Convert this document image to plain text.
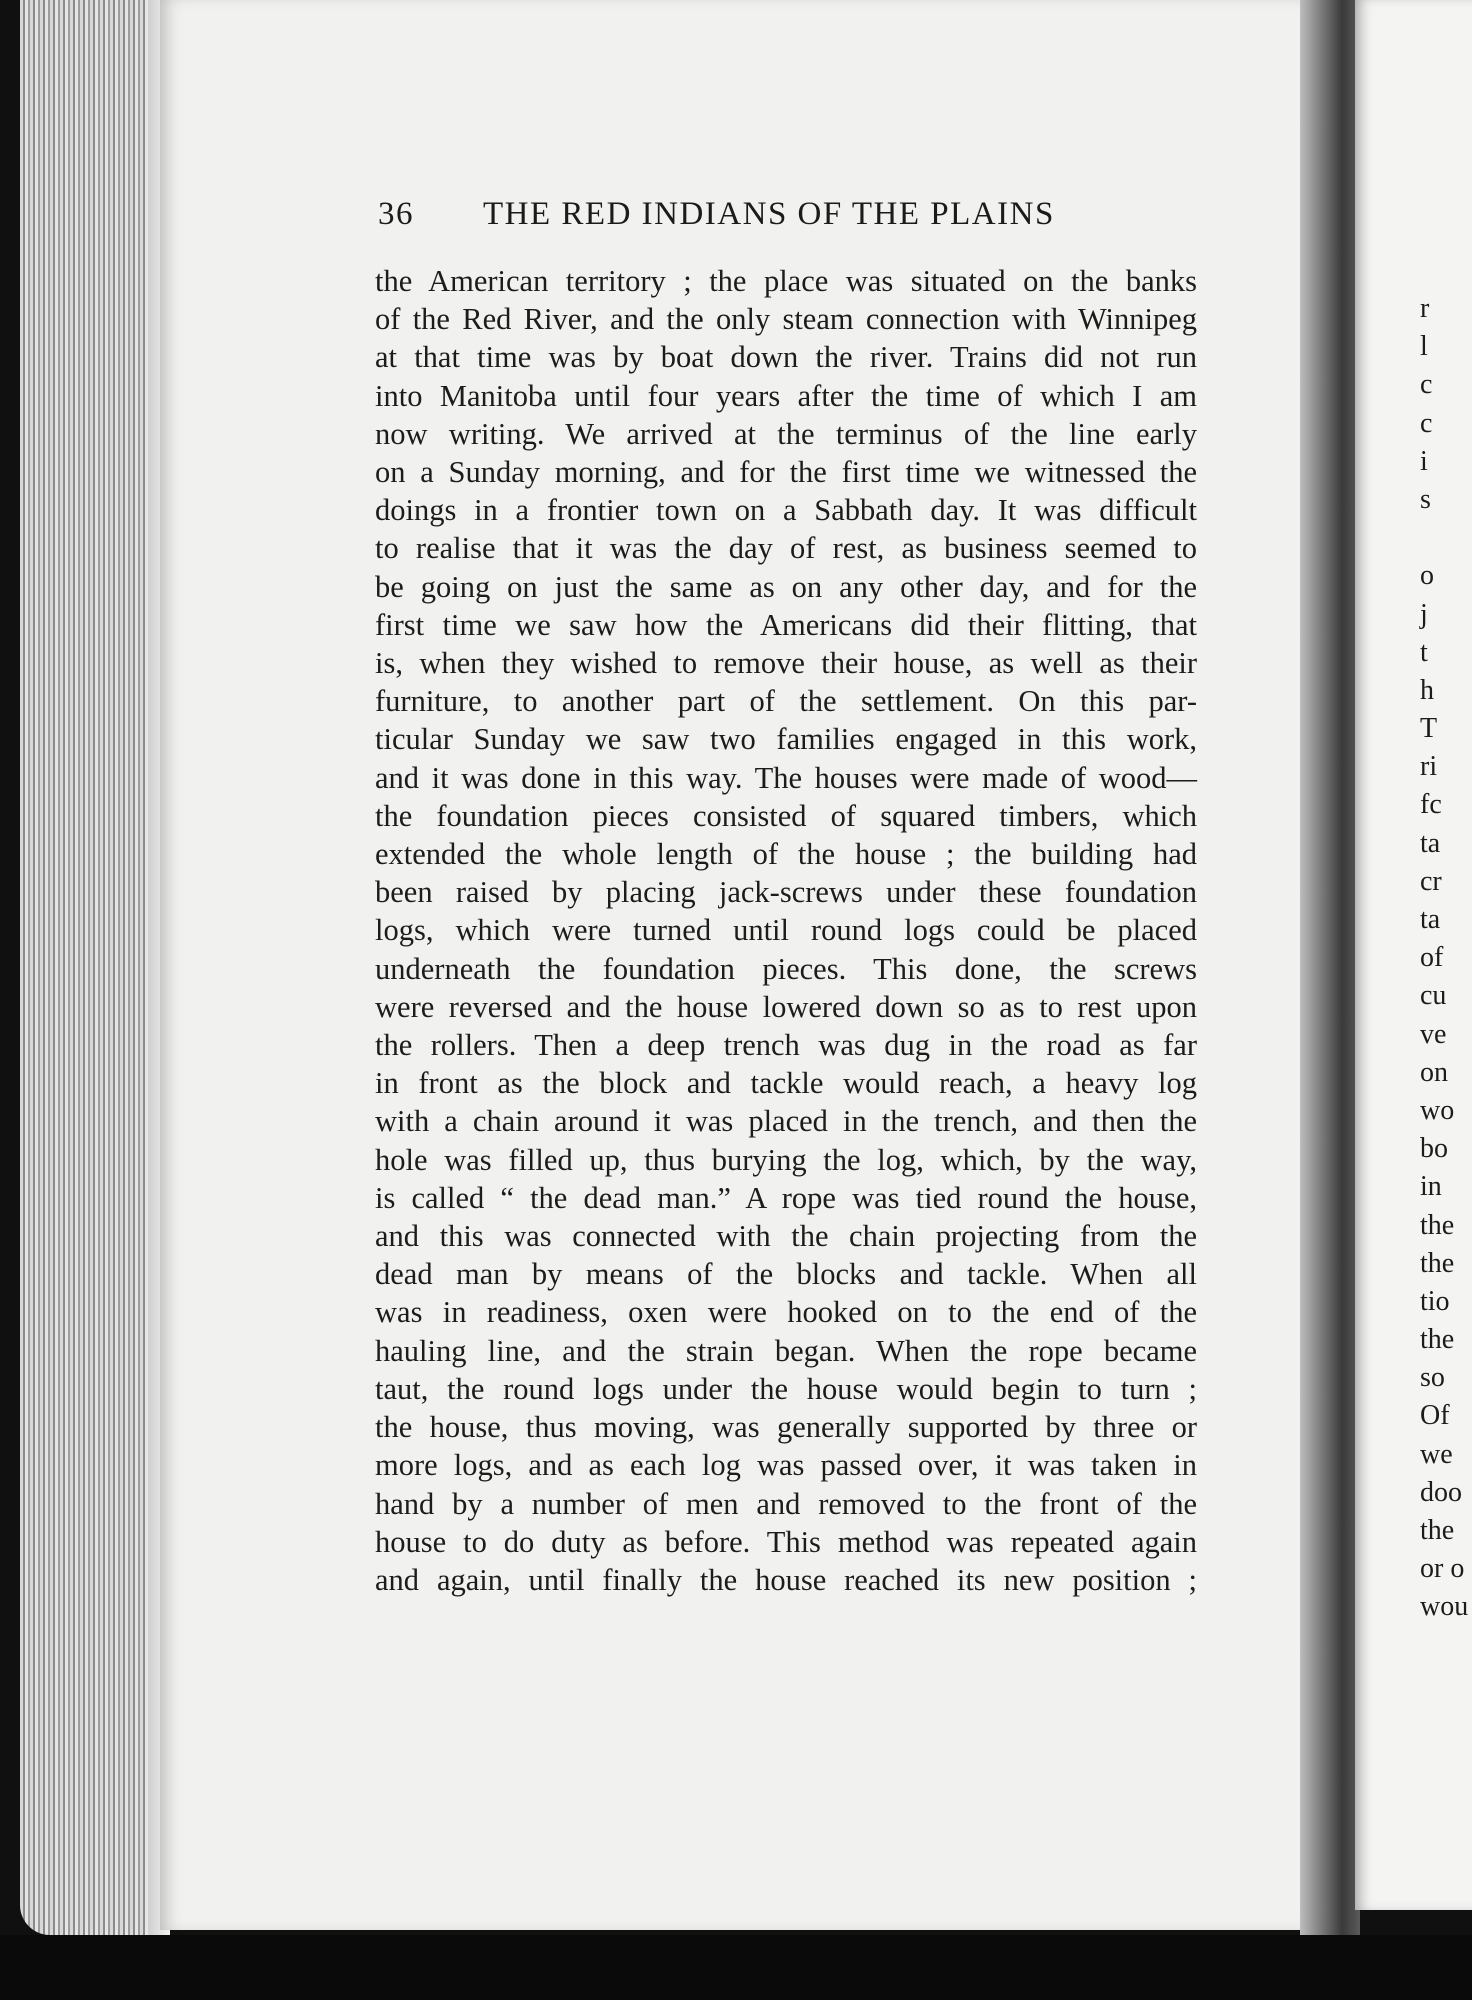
36 THE RED INDIANS OF THE PLAINS
the American territory ; the place was situated on the banks
of the Red River, and the only steam connection with Winnipeg
at that time was by boat down the river. Trains did not run
into Manitoba until four years after the time of which I am
now writing. We arrived at the terminus of the line early
on a Sunday morning, and for the first time we witnessed the
doings in a frontier town on a Sabbath day. It was difficult
to realise that it was the day of rest, as business seemed to
be going on just the same as on any other day, and for the
first time we saw how the Americans did their flitting, that
is, when they wished to remove their house, as well as their
furniture, to another part of the settlement. On this par-
ticular Sunday we saw two families engaged in this work,
and it was done in this way. The houses were made of wood—
the foundation pieces consisted of squared timbers, which
extended the whole length of the house ; the building had
been raised by placing jack-screws under these foundation
logs, which were turned until round logs could be placed
underneath the foundation pieces. This done, the screws
were reversed and the house lowered down so as to rest upon
the rollers. Then a deep trench was dug in the road as far
in front as the block and tackle would reach, a heavy log
with a chain around it was placed in the trench, and then the
hole was filled up, thus burying the log, which, by the way,
is called “ the dead man.” A rope was tied round the house,
and this was connected with the chain projecting from the
dead man by means of the blocks and tackle. When all
was in readiness, oxen were hooked on to the end of the
hauling line, and the strain began. When the rope became
taut, the round logs under the house would begin to turn ;
the house, thus moving, was generally supported by three or
more logs, and as each log was passed over, it was taken in
hand by a number of men and removed to the front of the
house to do duty as before. This method was repeated again
and again, until finally the house reached its new position ;
r
l
c
c
i
s
o
j
t
h
T
ri
fc
ta
cr
ta
of
cu
ve
on
wo
bo
in
the
the
tio
the
so
Of
we
doo
the
or o
wou
